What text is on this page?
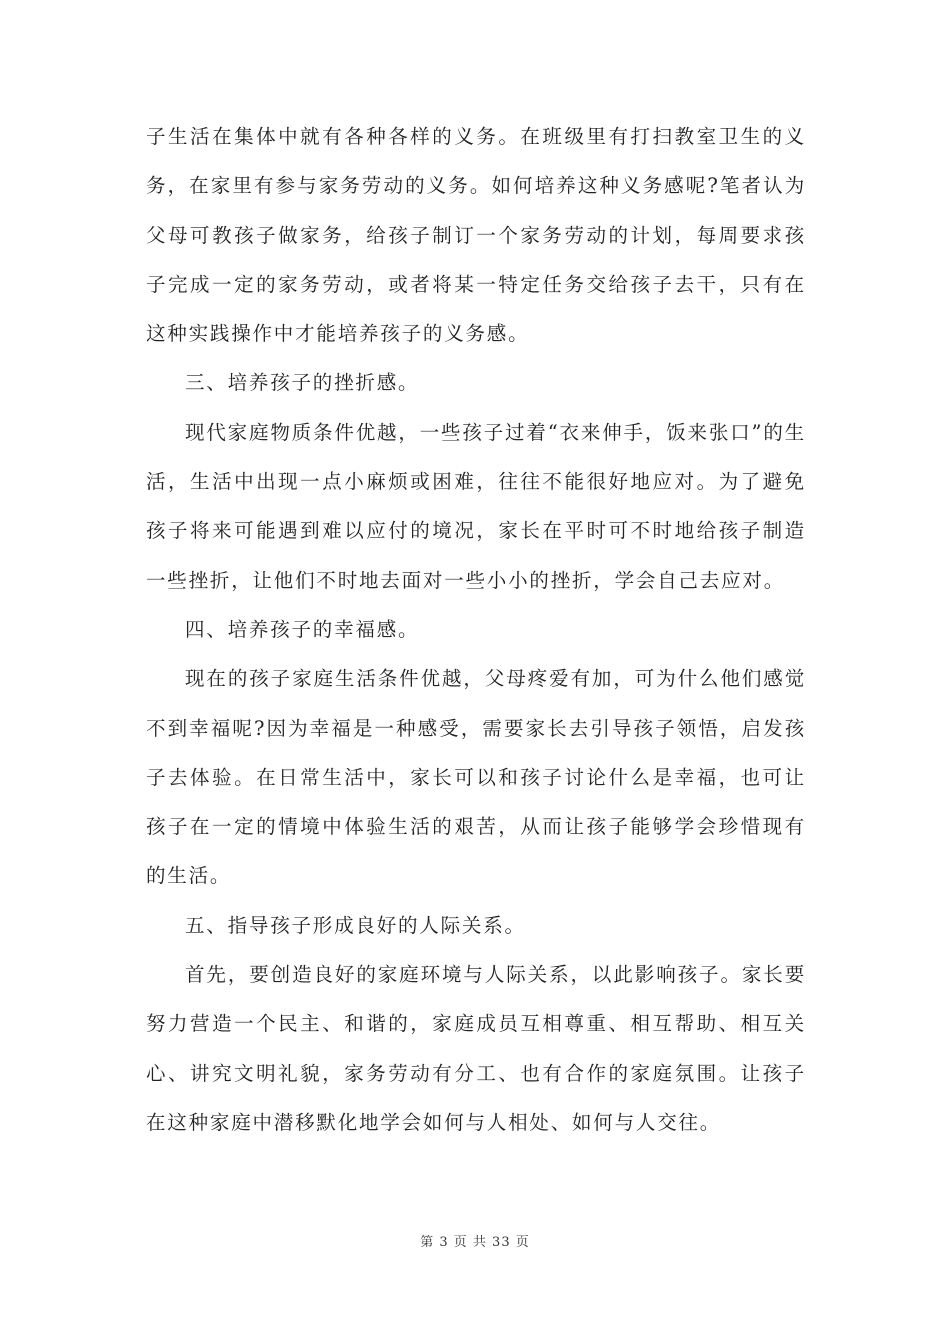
子生活在集体中就有各种各样的义务。在班级里有打扫教室卫生的义务，在家里有参与家务劳动的义务。如何培养这种义务感呢?笔者认为父母可教孩子做家务，给孩子制订一个家务劳动的计划，每周要求孩子完成一定的家务劳动，或者将某一特定任务交给孩子去干，只有在这种实践操作中才能培养孩子的义务感。

三、培养孩子的挫折感。

现代家庭物质条件优越，一些孩子过着“衣来伸手，饭来张口”的生活，生活中出现一点小麻烦或困难，往往不能很好地应对。为了避免孩子将来可能遇到难以应付的境况，家长在平时可不时地给孩子制造一些挫折，让他们不时地去面对一些小小的挫折，学会自己去应对。

四、培养孩子的幸福感。

现在的孩子家庭生活条件优越，父母疼爱有加，可为什么他们感觉不到幸福呢?因为幸福是一种感受，需要家长去引导孩子领悟，启发孩子去体验。在日常生活中，家长可以和孩子讨论什么是幸福，也可让孩子在一定的情境中体验生活的艰苦，从而让孩子能够学会珍惜现有的生活。

五、指导孩子形成良好的人际关系。

首先，要创造良好的家庭环境与人际关系，以此影响孩子。家长要努力营造一个民主、和谐的，家庭成员互相尊重、相互帮助、相互关心、讲究文明礼貌，家务劳动有分工、也有合作的家庭氛围。让孩子在这种家庭中潜移默化地学会如何与人相处、如何与人交往。

第 3 页 共 33 页
